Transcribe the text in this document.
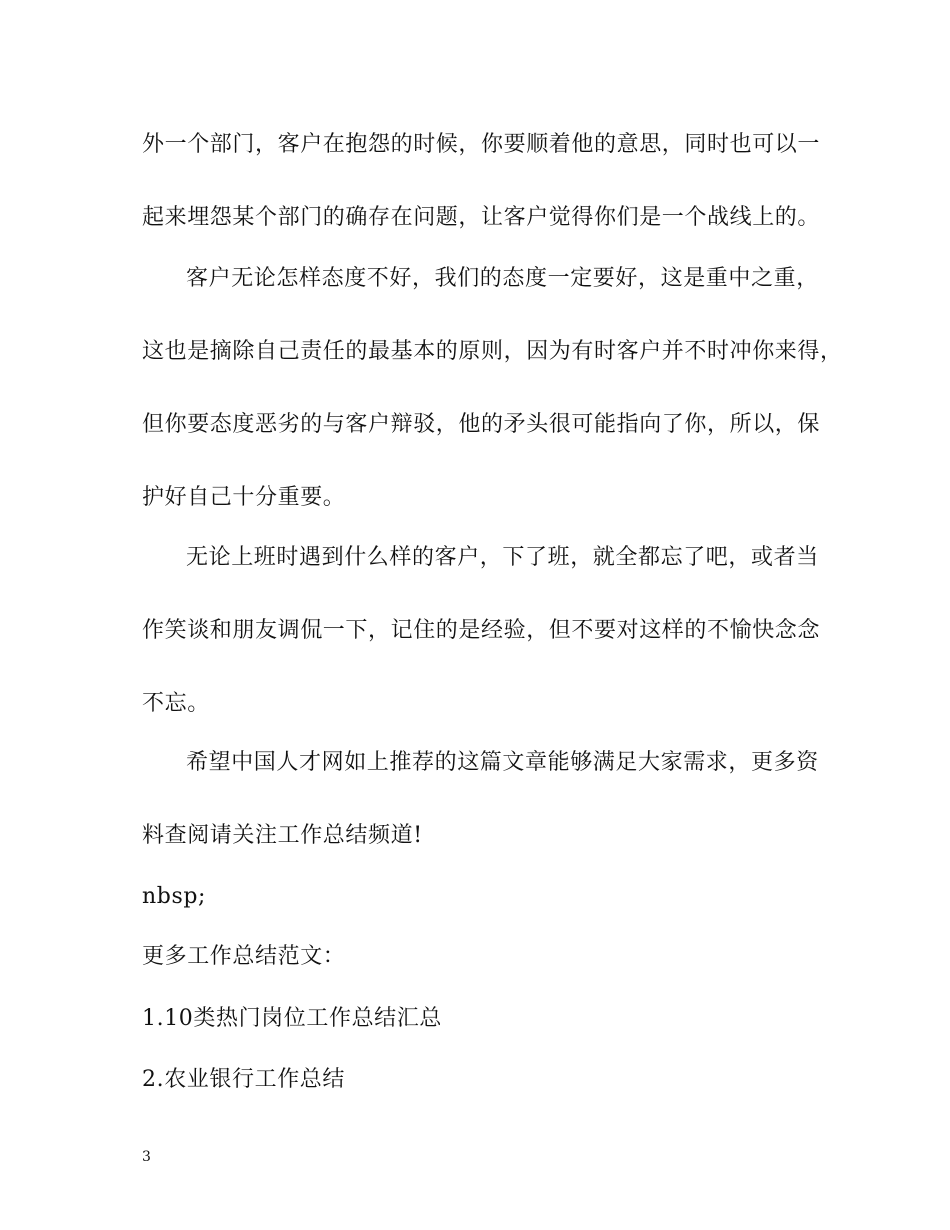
外一个部门，客户在抱怨的时候，你要顺着他的意思，同时也可以一
起来埋怨某个部门的确存在问题，让客户觉得你们是一个战线上的。
客户无论怎样态度不好，我们的态度一定要好，这是重中之重，
这也是摘除自己责任的最基本的原则，因为有时客户并不时冲你来得，
但你要态度恶劣的与客户辩驳，他的矛头很可能指向了你，所以，保
护好自己十分重要。
无论上班时遇到什么样的客户，下了班，就全都忘了吧，或者当
作笑谈和朋友调侃一下，记住的是经验，但不要对这样的不愉快念念
不忘。
希望中国人才网如上推荐的这篇文章能够满足大家需求，更多资
料查阅请关注工作总结频道!
nbsp;
更多工作总结范文：
1.10类热门岗位工作总结汇总
2.农业银行工作总结
3
